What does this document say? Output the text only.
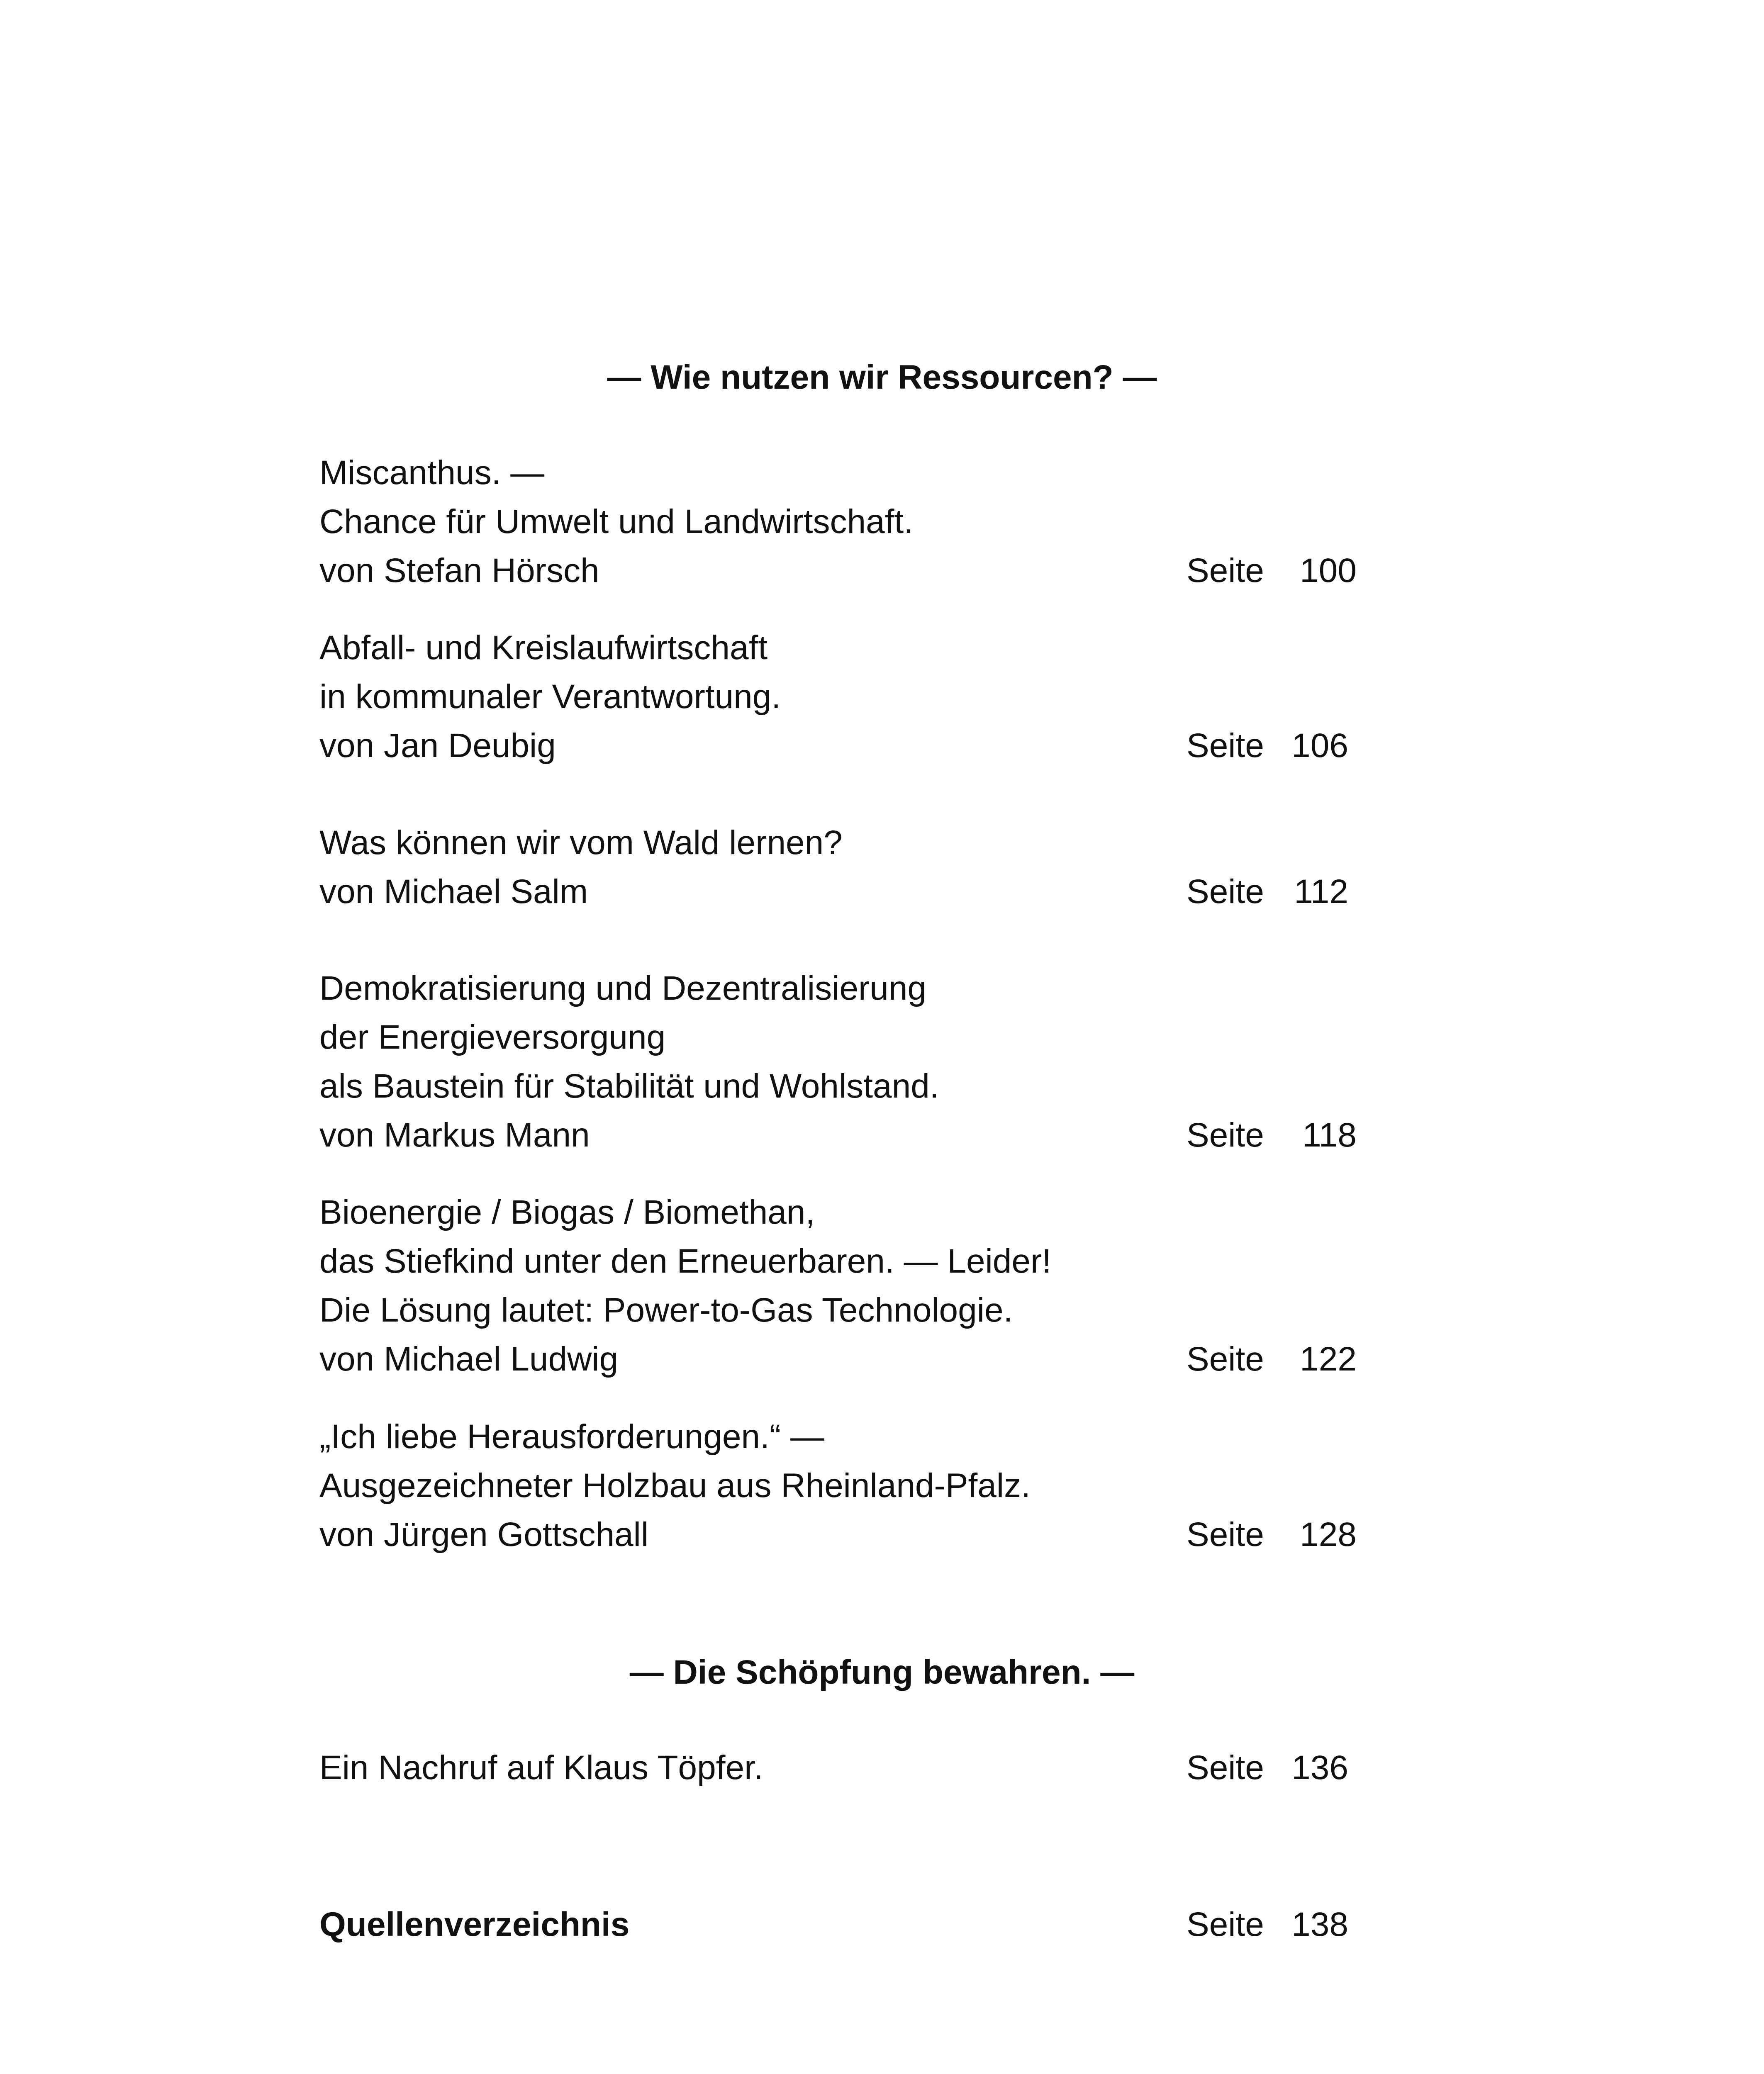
— Wie nutzen wir Ressourcen? —
Miscanthus. —
Chance für Umwelt und Landwirtschaft.
von Stefan Hörsch	Seite	100
Abfall- und Kreislaufwirtschaft
in kommunaler Verantwortung.
von Jan Deubig	Seite 106
Was können wir vom Wald lernen?
von Michael Salm	Seite 112
Demokratisierung und Dezentralisierung
der Energieversorgung
als Baustein für Stabilität und Wohlstand.
von Markus Mann	Seite	118
Bioenergie / Biogas / Biomethan,
das Stiefkind unter den Erneuerbaren. — Leider!
Die Lösung lautet: Power-to-Gas Technologie.
von Michael Ludwig	Seite	122
„Ich liebe Herausforderungen.“ —
Ausgezeichneter Holzbau aus Rheinland-Pfalz.
von Jürgen Gottschall	Seite	128
— Die Schöpfung bewahren. —
Ein Nachruf auf Klaus Töpfer.	Seite 136
Quellenverzeichnis	Seite 138
